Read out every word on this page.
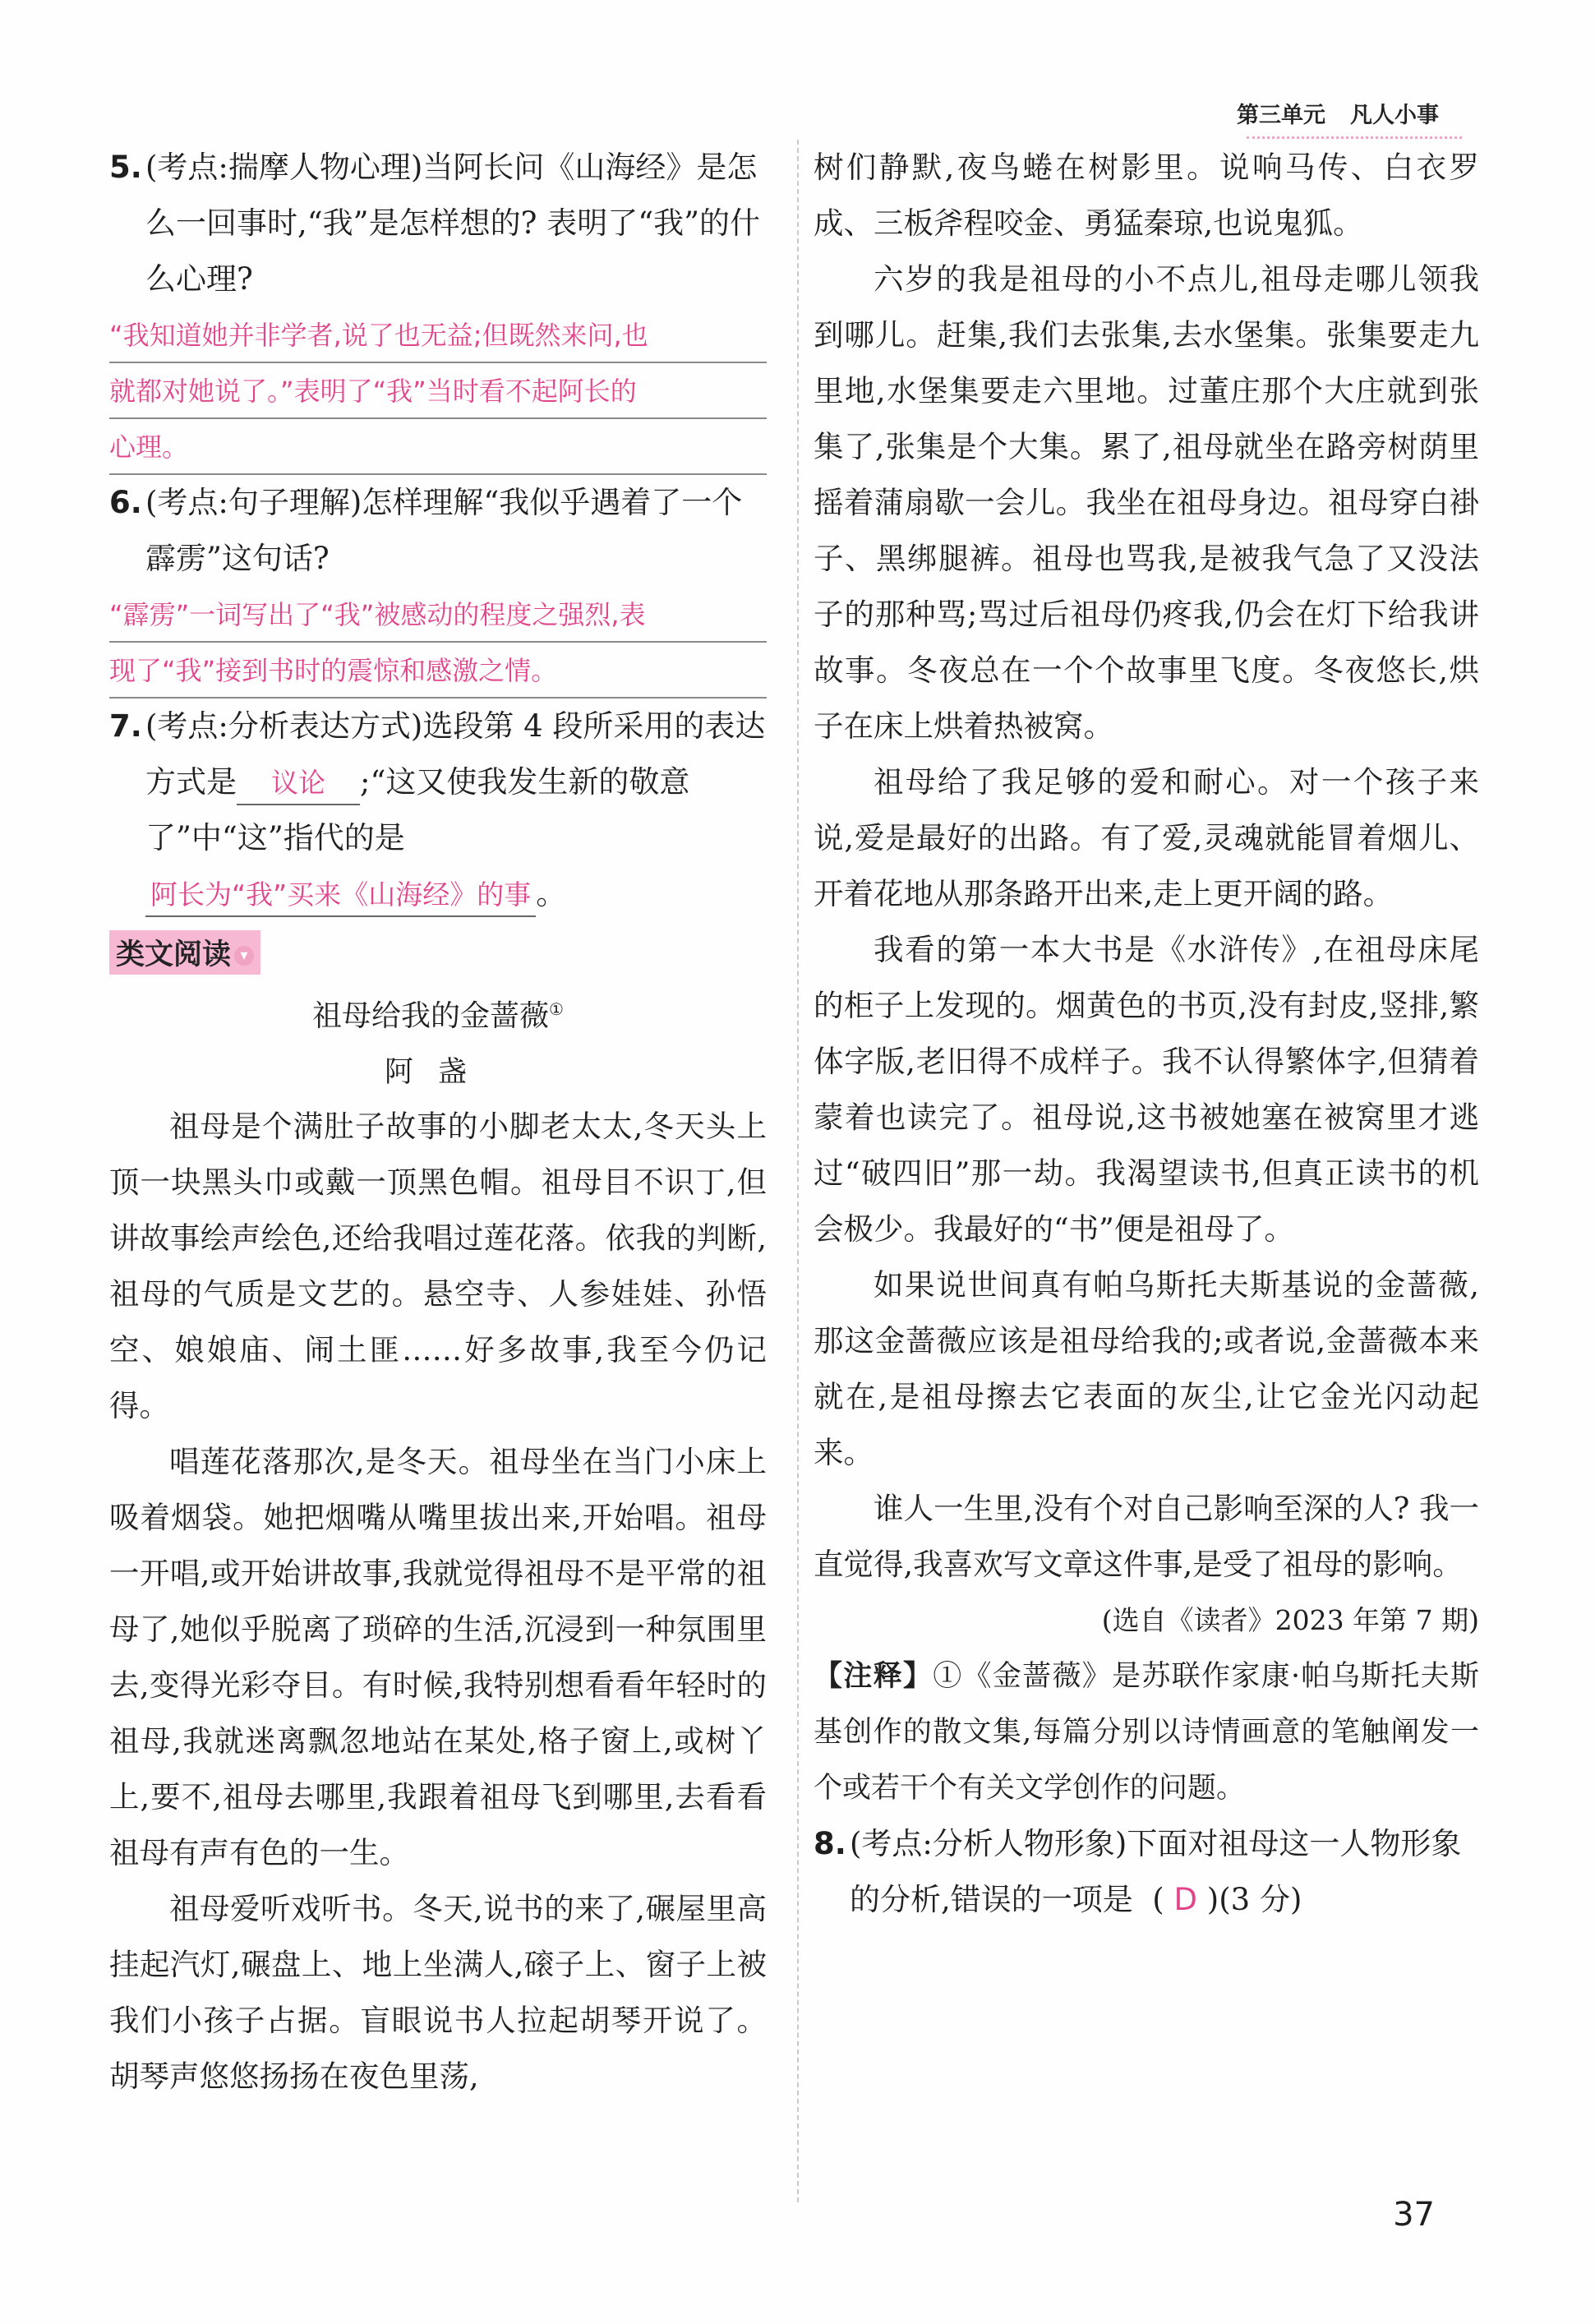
第三单元 凡人小事
5. (考点:揣摩人物心理)当阿长问《山海经》是怎么一回事时,“我”是怎样想的? 表明了“我”的什么心理?
“我知道她并非学者,说了也无益;但既然来问,也
就都对她说了。”表明了“我”当时看不起阿长的
心理。
6. (考点:句子理解)怎样理解“我似乎遇着了一个霹雳”这句话?
“霹雳”一词写出了“我”被感动的程度之强烈,表
现了“我”接到书时的震惊和感激之情。
7. (考点:分析表达方式)选段第 4 段所采用的表达方式是 议论 ;“这又使我发生新的敬意了”中“这”指代的是阿长为“我”买来《山海经》的事 。
类文阅读 ▾
祖母给我的金蔷薇①
阿盏

祖母是个满肚子故事的小脚老太太,冬天头上顶一块黑头巾或戴一顶黑色帽。祖母目不识丁,但讲故事绘声绘色,还给我唱过莲花落。依我的判断,祖母的气质是文艺的。悬空寺、人参娃娃、孙悟空、娘娘庙、闹土匪……好多故事,我至今仍记得。

唱莲花落那次,是冬天。祖母坐在当门小床上吸着烟袋。她把烟嘴从嘴里拔出来,开始唱。祖母一开唱,或开始讲故事,我就觉得祖母不是平常的祖母了,她似乎脱离了琐碎的生活,沉浸到一种氛围里去,变得光彩夺目。有时候,我特别想看看年轻时的祖母,我就迷离飘忽地站在某处,格子窗上,或树丫上,要不,祖母去哪里,我跟着祖母飞到哪里,去看看祖母有声有色的一生。

祖母爱听戏听书。冬天,说书的来了,碾屋里高挂起汽灯,碾盘上、地上坐满人,磙子上、窗子上被我们小孩子占据。盲眼说书人拉起胡琴开说了。胡琴声悠悠扬扬在夜色里荡,

树们静默,夜鸟蜷在树影里。说响马传、白衣罗成、三板斧程咬金、勇猛秦琼,也说鬼狐。

六岁的我是祖母的小不点儿,祖母走哪儿领我到哪儿。赶集,我们去张集,去水堡集。张集要走九里地,水堡集要走六里地。过董庄那个大庄就到张集了,张集是个大集。累了,祖母就坐在路旁树荫里摇着蒲扇歇一会儿。我坐在祖母身边。祖母穿白褂子、黑绑腿裤。祖母也骂我,是被我气急了又没法子的那种骂;骂过后祖母仍疼我,仍会在灯下给我讲故事。冬夜总在一个个故事里飞度。冬夜悠长,烘子在床上烘着热被窝。

祖母给了我足够的爱和耐心。对一个孩子来说,爱是最好的出路。有了爱,灵魂就能冒着烟儿、开着花地从那条路开出来,走上更开阔的路。

我看的第一本大书是《水浒传》,在祖母床尾的柜子上发现的。烟黄色的书页,没有封皮,竖排,繁体字版,老旧得不成样子。我不认得繁体字,但猜着蒙着也读完了。祖母说,这书被她塞在被窝里才逃过“破四旧”那一劫。我渴望读书,但真正读书的机会极少。我最好的“书”便是祖母了。

如果说世间真有帕乌斯托夫斯基说的金蔷薇,那这金蔷薇应该是祖母给我的;或者说,金蔷薇本来就在,是祖母擦去它表面的灰尘,让它金光闪动起来。

谁人一生里,没有个对自己影响至深的人? 我一直觉得,我喜欢写文章这件事,是受了祖母的影响。

(选自《读者》2023 年第 7 期)

【注释】①《金蔷薇》是苏联作家康·帕乌斯托夫斯基创作的散文集,每篇分别以诗情画意的笔触阐发一个或若干个有关文学创作的问题。
8. (考点:分析人物形象)下面对祖母这一人物形象的分析,错误的一项是 ( D )(3 分)
37
